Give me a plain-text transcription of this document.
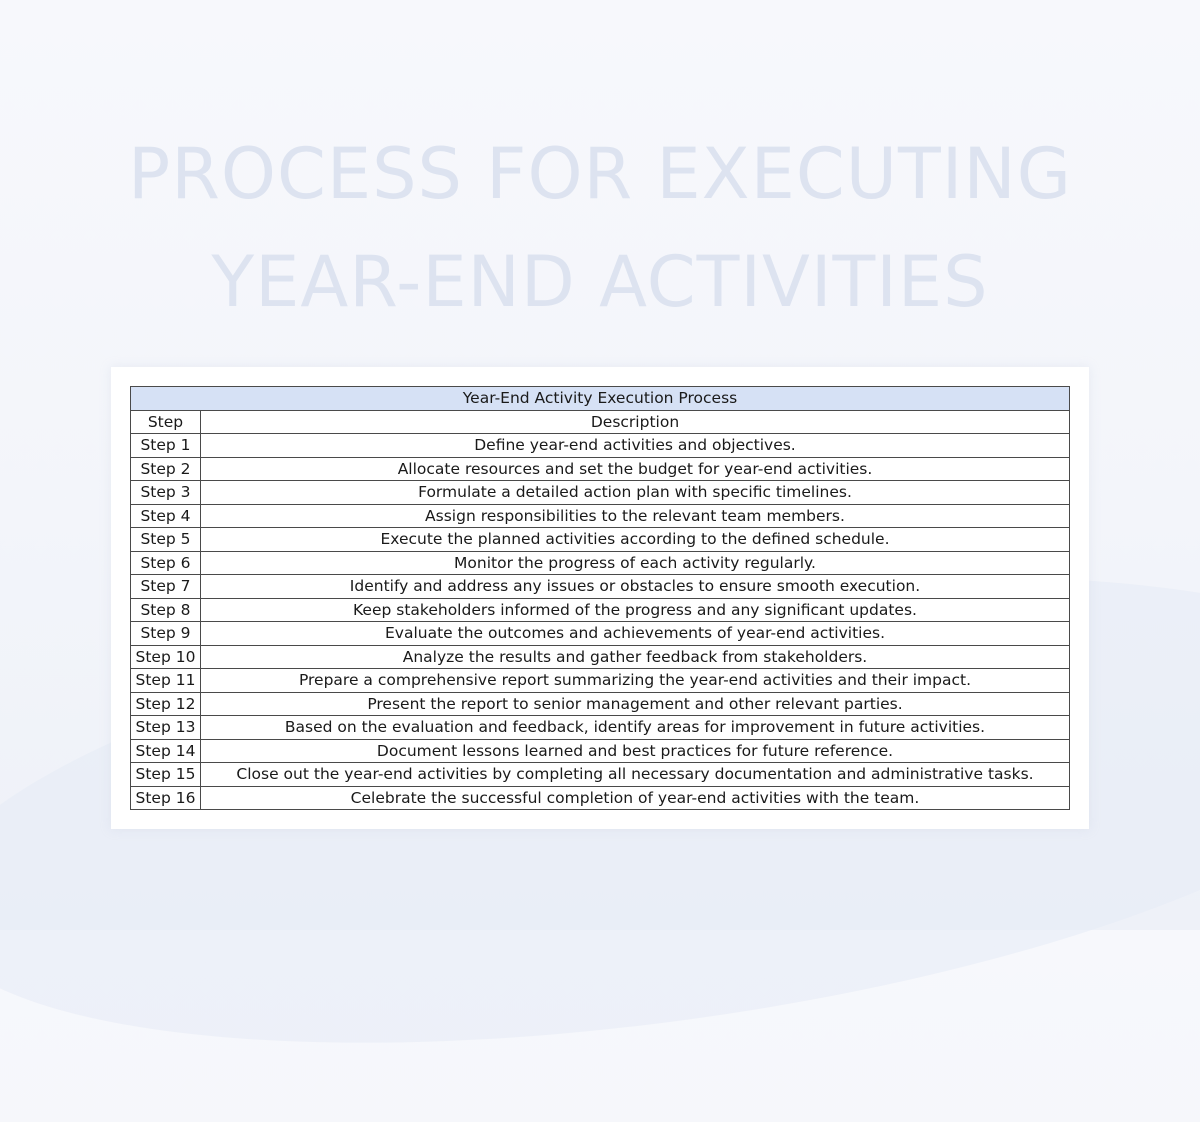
PROCESS FOR EXECUTING
YEAR-END ACTIVITIES
Year-End Activity Execution Process	
Step	Description
Step 1	Define year-end activities and objectives.
Step 2	Allocate resources and set the budget for year-end activities.
Step 3	Formulate a detailed action plan with specific timelines.
Step 4	Assign responsibilities to the relevant team members.
Step 5	Execute the planned activities according to the defined schedule.
Step 6	Monitor the progress of each activity regularly.
Step 7	Identify and address any issues or obstacles to ensure smooth execution.
Step 8	Keep stakeholders informed of the progress and any significant updates.
Step 9	Evaluate the outcomes and achievements of year-end activities.
Step 10	Analyze the results and gather feedback from stakeholders.
Step 11	Prepare a comprehensive report summarizing the year-end activities and their impact.
Step 12	Present the report to senior management and other relevant parties.
Step 13	Based on the evaluation and feedback, identify areas for improvement in future activities.
Step 14	Document lessons learned and best practices for future reference.
Step 15	Close out the year-end activities by completing all necessary documentation and administrative tasks.
Step 16	Celebrate the successful completion of year-end activities with the team.
